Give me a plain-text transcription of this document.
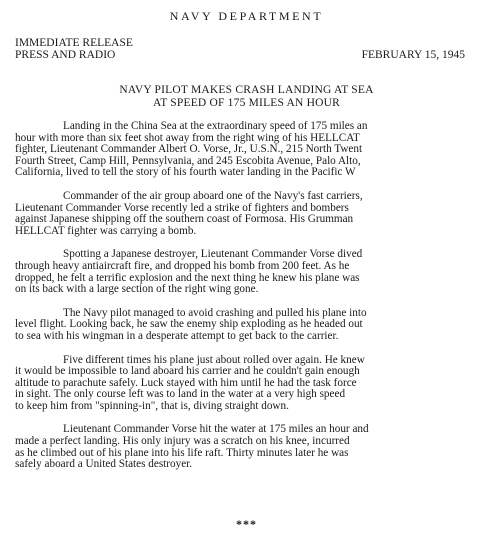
NAVY DEPARTMENT
IMMEDIATE RELEASE
PRESS AND RADIO	FEBRUARY 15, 1945
NAVY PILOT MAKES CRASH LANDING AT SEA
AT SPEED OF 175 MILES AN HOUR
Landing in the China Sea at the extraordinary speed of 175 miles an
hour with more than six feet shot away from the right wing of his HELLCAT
fighter, Lieutenant Commander Albert O. Vorse, Jr., U.S.N., 215 North Twent
Fourth Street, Camp Hill, Pennsylvania, and 245 Escobita Avenue, Palo Alto,
California, lived to tell the story of his fourth water landing in the Pacific W
Commander of the air group aboard one of the Navy's fast carriers,
Lieutenant Commander Vorse recently led a strike of fighters and bombers
against Japanese shipping off the southern coast of Formosa. His Grumman
HELLCAT fighter was carrying a bomb.
Spotting a Japanese destroyer, Lieutenant Commander Vorse dived
through heavy antiaircraft fire, and dropped his bomb from 200 feet. As he
dropped, he felt a terrific explosion and the next thing he knew his plane was
on its back with a large section of the right wing gone.
The Navy pilot managed to avoid crashing and pulled his plane into
level flight. Looking back, he saw the enemy ship exploding as he headed out
to sea with his wingman in a desperate attempt to get back to the carrier.
Five different times his plane just about rolled over again. He knew
it would be impossible to land aboard his carrier and he couldn't gain enough
altitude to parachute safely. Luck stayed with him until he had the task force
in sight. The only course left was to land in the water at a very high speed
to keep him from "spinning-in", that is, diving straight down.
Lieutenant Commander Vorse hit the water at 175 miles an hour and
made a perfect landing. His only injury was a scratch on his knee, incurred
as he climbed out of his plane into his life raft. Thirty minutes later he was
safely aboard a United States destroyer.
***
